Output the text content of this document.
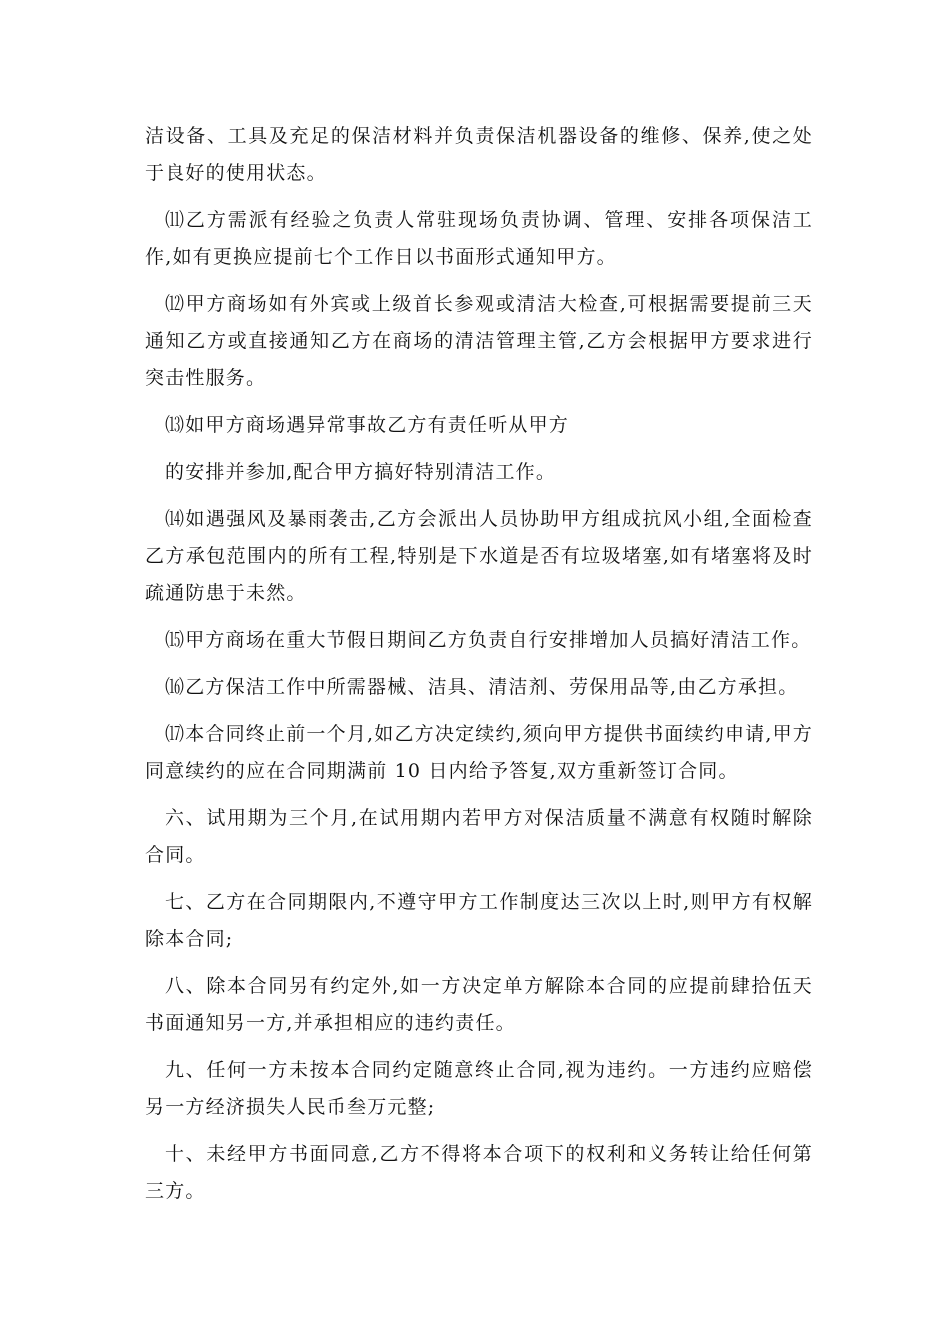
洁设备、工具及充足的保洁材料并负责保洁机器设备的维修、保养,使之处于良好的使用状态。

⑾乙方需派有经验之负责人常驻现场负责协调、管理、安排各项保洁工作,如有更换应提前七个工作日以书面形式通知甲方。

⑿甲方商场如有外宾或上级首长参观或清洁大检查,可根据需要提前三天通知乙方或直接通知乙方在商场的清洁管理主管,乙方会根据甲方要求进行突击性服务。

⒀如甲方商场遇异常事故乙方有责任听从甲方

的安排并参加,配合甲方搞好特别清洁工作。

⒁如遇强风及暴雨袭击,乙方会派出人员协助甲方组成抗风小组,全面检查乙方承包范围内的所有工程,特别是下水道是否有垃圾堵塞,如有堵塞将及时疏通防患于未然。

⒂甲方商场在重大节假日期间乙方负责自行安排增加人员搞好清洁工作。

⒃乙方保洁工作中所需器械、洁具、清洁剂、劳保用品等,由乙方承担。

⒄本合同终止前一个月,如乙方决定续约,须向甲方提供书面续约申请,甲方同意续约的应在合同期满前 10 日内给予答复,双方重新签订合同。

六、试用期为三个月,在试用期内若甲方对保洁质量不满意有权随时解除合同。

七、乙方在合同期限内,不遵守甲方工作制度达三次以上时,则甲方有权解除本合同;

八、除本合同另有约定外,如一方决定单方解除本合同的应提前肆拾伍天书面通知另一方,并承担相应的违约责任。

九、任何一方未按本合同约定随意终止合同,视为违约。一方违约应赔偿另一方经济损失人民币叁万元整;

十、未经甲方书面同意,乙方不得将本合项下的权利和义务转让给任何第三方。
